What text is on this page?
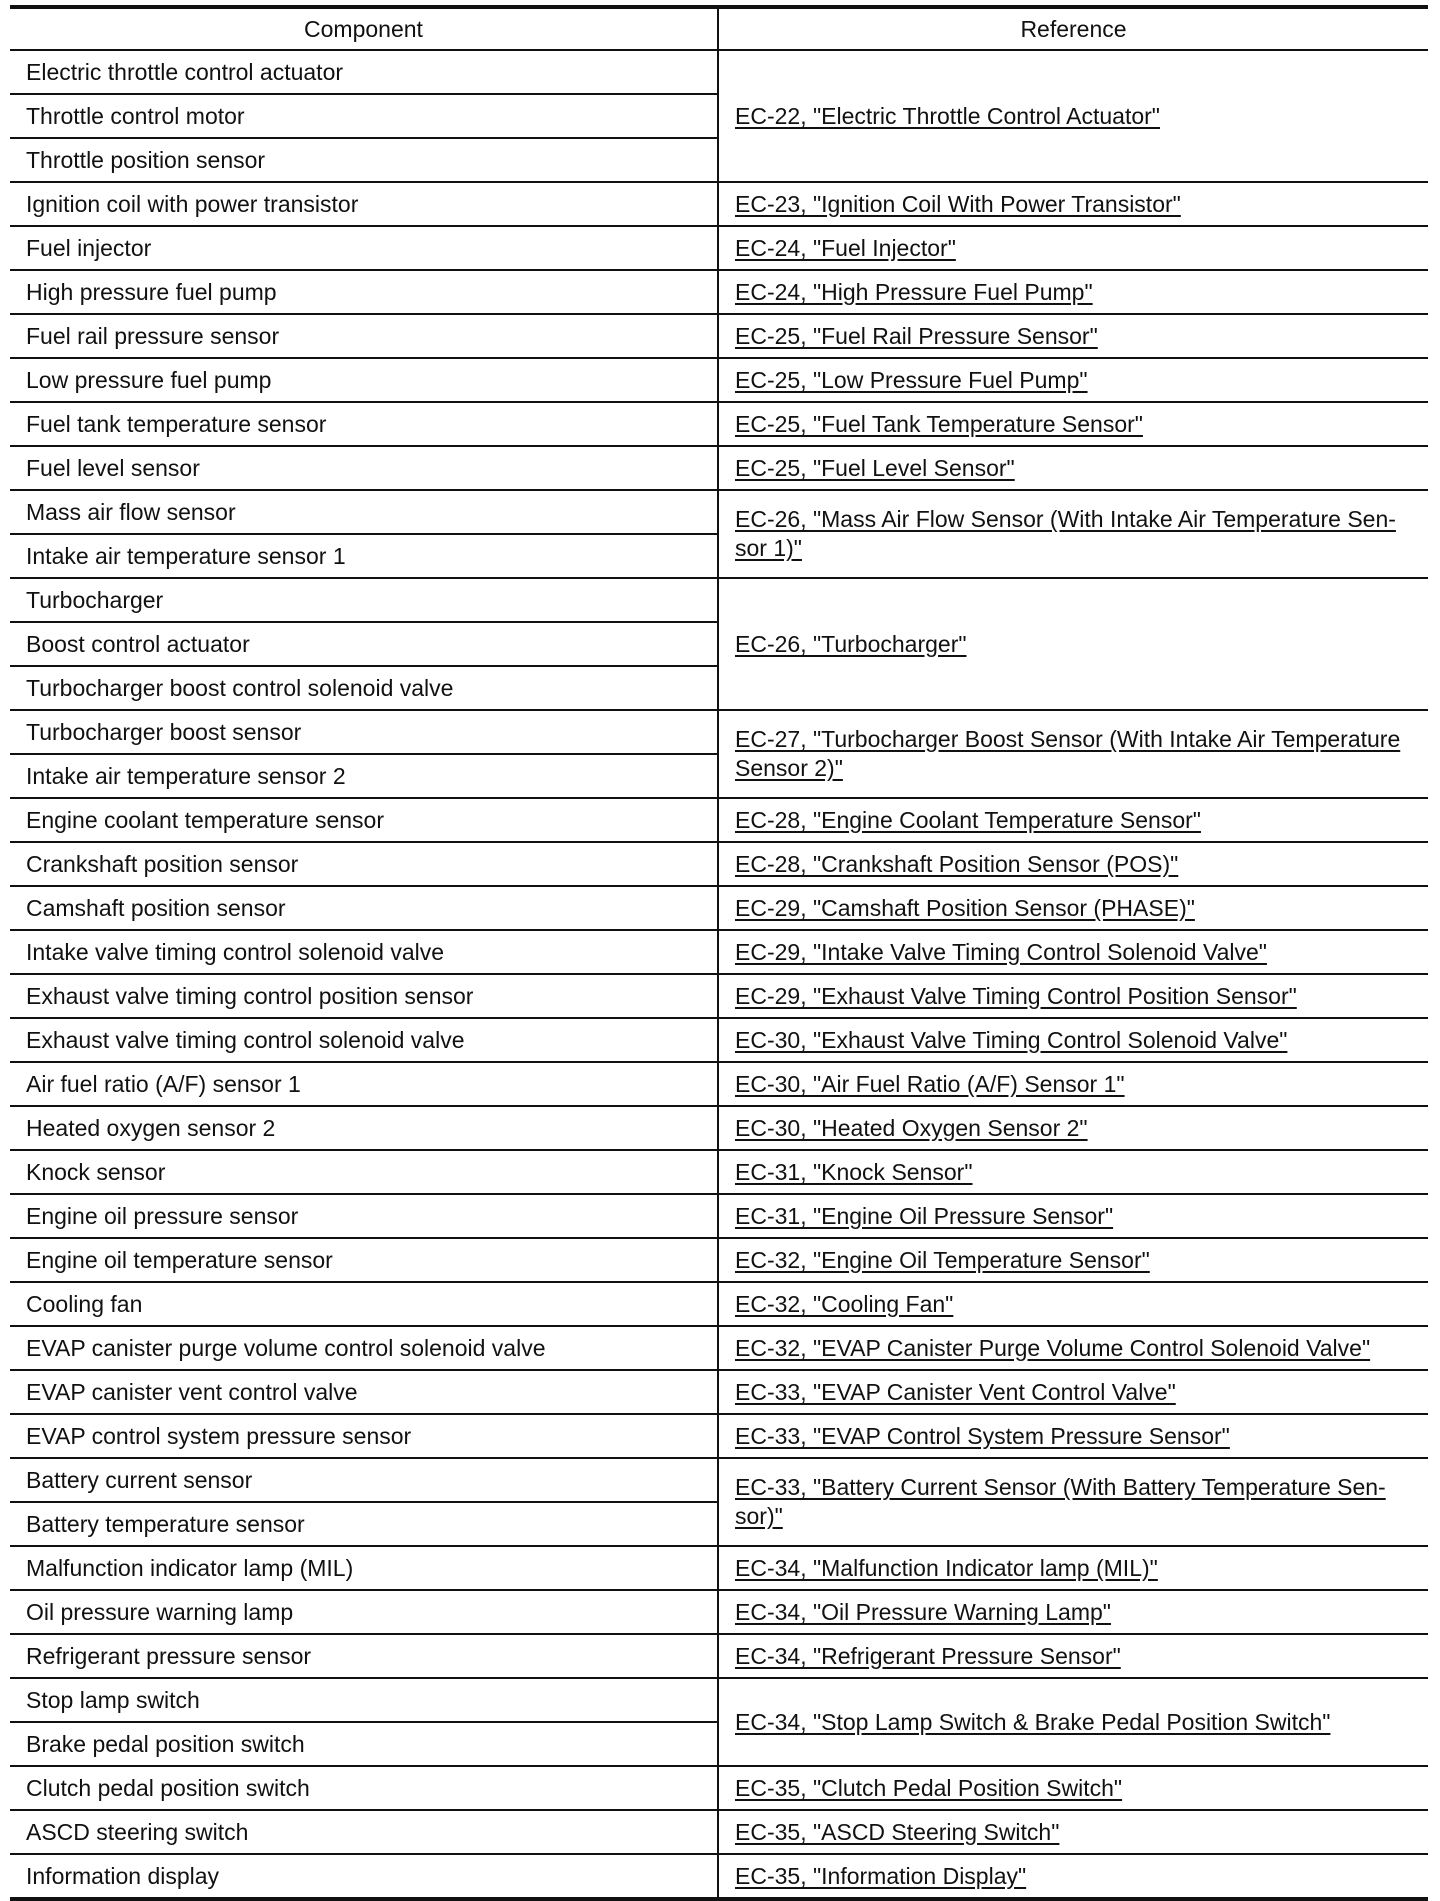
Component	Reference
Electric throttle control actuator	EC-22, "Electric Throttle Control Actuator"
Throttle control motor	
Throttle position sensor	
Ignition coil with power transistor	EC-23, "Ignition Coil With Power Transistor"
Fuel injector	EC-24, "Fuel Injector"
High pressure fuel pump	EC-24, "High Pressure Fuel Pump"
Fuel rail pressure sensor	EC-25, "Fuel Rail Pressure Sensor"
Low pressure fuel pump	EC-25, "Low Pressure Fuel Pump"
Fuel tank temperature sensor	EC-25, "Fuel Tank Temperature Sensor"
Fuel level sensor	EC-25, "Fuel Level Sensor"
Mass air flow sensor	EC-26, "Mass Air Flow Sensor (With Intake Air Temperature Sen-sor 1)"
Intake air temperature sensor 1	
Turbocharger	EC-26, "Turbocharger"
Boost control actuator	
Turbocharger boost control solenoid valve	
Turbocharger boost sensor	EC-27, "Turbocharger Boost Sensor (With Intake Air Temperature Sensor 2)"
Intake air temperature sensor 2	
Engine coolant temperature sensor	EC-28, "Engine Coolant Temperature Sensor"
Crankshaft position sensor	EC-28, "Crankshaft Position Sensor (POS)"
Camshaft position sensor	EC-29, "Camshaft Position Sensor (PHASE)"
Intake valve timing control solenoid valve	EC-29, "Intake Valve Timing Control Solenoid Valve"
Exhaust valve timing control position sensor	EC-29, "Exhaust Valve Timing Control Position Sensor"
Exhaust valve timing control solenoid valve	EC-30, "Exhaust Valve Timing Control Solenoid Valve"
Air fuel ratio (A/F) sensor 1	EC-30, "Air Fuel Ratio (A/F) Sensor 1"
Heated oxygen sensor 2	EC-30, "Heated Oxygen Sensor 2"
Knock sensor	EC-31, "Knock Sensor"
Engine oil pressure sensor	EC-31, "Engine Oil Pressure Sensor"
Engine oil temperature sensor	EC-32, "Engine Oil Temperature Sensor"
Cooling fan	EC-32, "Cooling Fan"
EVAP canister purge volume control solenoid valve	EC-32, "EVAP Canister Purge Volume Control Solenoid Valve"
EVAP canister vent control valve	EC-33, "EVAP Canister Vent Control Valve"
EVAP control system pressure sensor	EC-33, "EVAP Control System Pressure Sensor"
Battery current sensor	EC-33, "Battery Current Sensor (With Battery Temperature Sen-sor)"
Battery temperature sensor	
Malfunction indicator lamp (MIL)	EC-34, "Malfunction Indicator lamp (MIL)"
Oil pressure warning lamp	EC-34, "Oil Pressure Warning Lamp"
Refrigerant pressure sensor	EC-34, "Refrigerant Pressure Sensor"
Stop lamp switch	EC-34, "Stop Lamp Switch & Brake Pedal Position Switch"
Brake pedal position switch	
Clutch pedal position switch	EC-35, "Clutch Pedal Position Switch"
ASCD steering switch	EC-35, "ASCD Steering Switch"
Information display	EC-35, "Information Display"
